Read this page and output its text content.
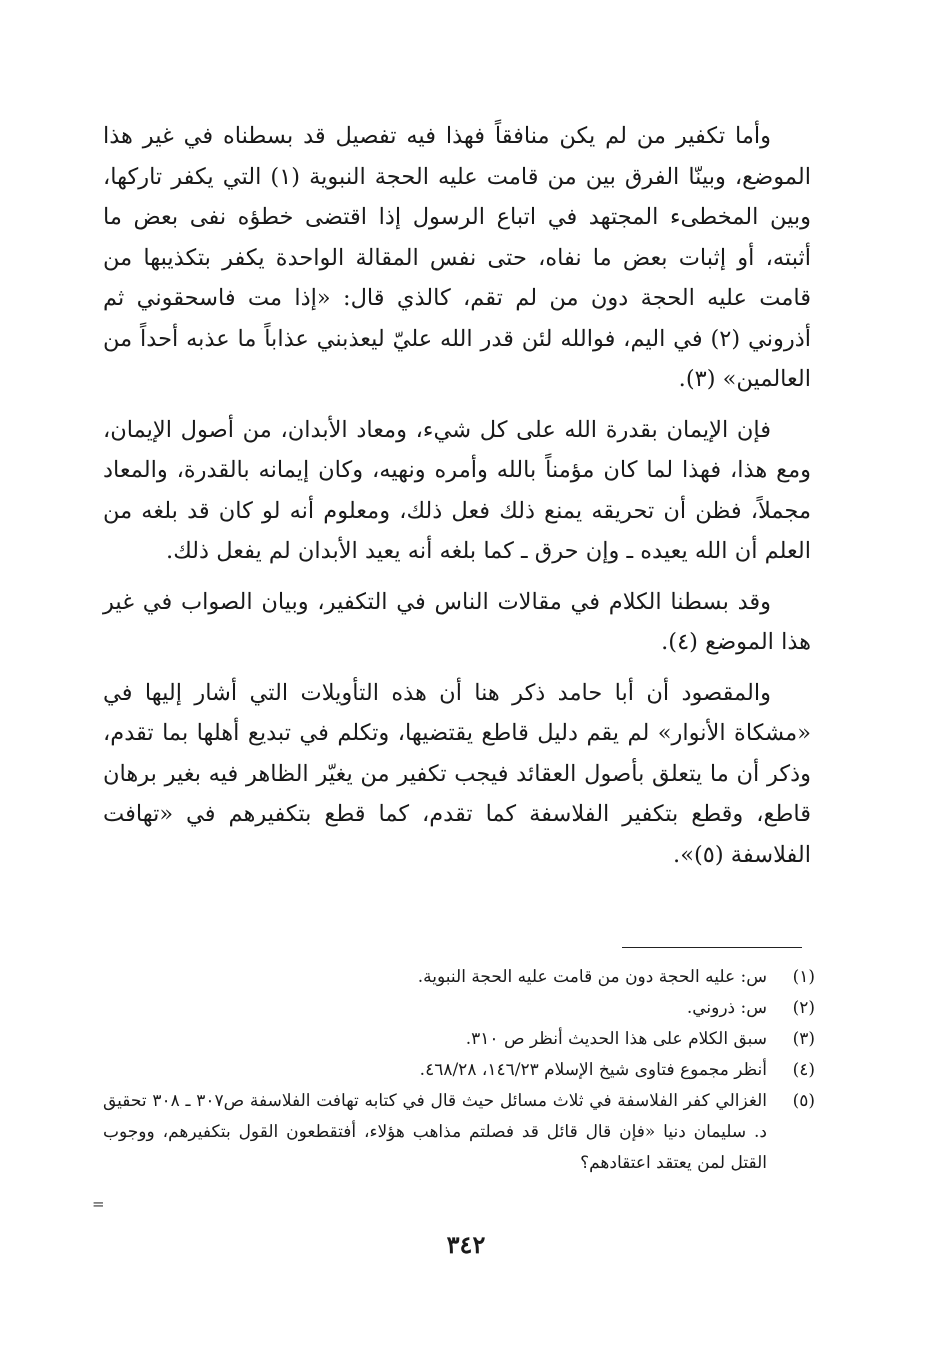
وأما تكفير من لم يكن منافقاً فهذا فيه تفصيل قد بسطناه في غير هذا الموضع، وبينّا الفرق بين من قامت عليه الحجة النبوية (١) التي يكفر تاركها، وبين المخطىء المجتهد في اتباع الرسول إذا اقتضى خطؤه نفى بعض ما أثبته، أو إثبات بعض ما نفاه، حتى نفس المقالة الواحدة يكفر بتكذيبها من قامت عليه الحجة دون من لم تقم، كالذي قال: «إذا مت فاسحقوني ثم أذروني (٢) في اليم، فوالله لئن قدر الله عليّ ليعذبني عذاباً ما عذبه أحداً من العالمين» (٣).

فإن الإيمان بقدرة الله على كل شيء، ومعاد الأبدان، من أصول الإيمان، ومع هذا، فهذا لما كان مؤمناً بالله وأمره ونهيه، وكان إيمانه بالقدرة، والمعاد مجملاً، فظن أن تحريقه يمنع ذلك فعل ذلك، ومعلوم أنه لو كان قد بلغه من العلم أن الله يعيده ـ وإن حرق ـ كما بلغه أنه يعيد الأبدان لم يفعل ذلك.

وقد بسطنا الكلام في مقالات الناس في التكفير، وبيان الصواب في غير هذا الموضع (٤).

والمقصود أن أبا حامد ذكر هنا أن هذه التأويلات التي أشار إليها في «مشكاة الأنوار» لم يقم دليل قاطع يقتضيها، وتكلم في تبديع أهلها بما تقدم، وذكر أن ما يتعلق بأصول العقائد فيجب تكفير من يغيّر الظاهر فيه بغير برهان قاطع، وقطع بتكفير الفلاسفة كما تقدم، كما قطع بتكفيرهم في «تهافت الفلاسفة (٥)».

(١)
س: عليه الحجة دون من قامت عليه الحجة النبوية.
(٢)
س: ذروني.
(٣)
سبق الكلام على هذا الحديث أنظر ص ٣١٠.
(٤)
أنظر مجموع فتاوى شيخ الإسلام ١٤٦/٢٣، ٤٦٨/٢٨.
(٥)
الغزالي كفر الفلاسفة في ثلاث مسائل حيث قال في كتابه تهافت الفلاسفة ص٣٠٧ ـ ٣٠٨ تحقيق د. سليمان دنيا «فإن قال قائل قد فصلتم مذاهب هؤلاء، أفتقطعون القول بتكفيرهم، ووجوب القتل لمن يعتقد اعتقادهم؟
=
٣٤٢
